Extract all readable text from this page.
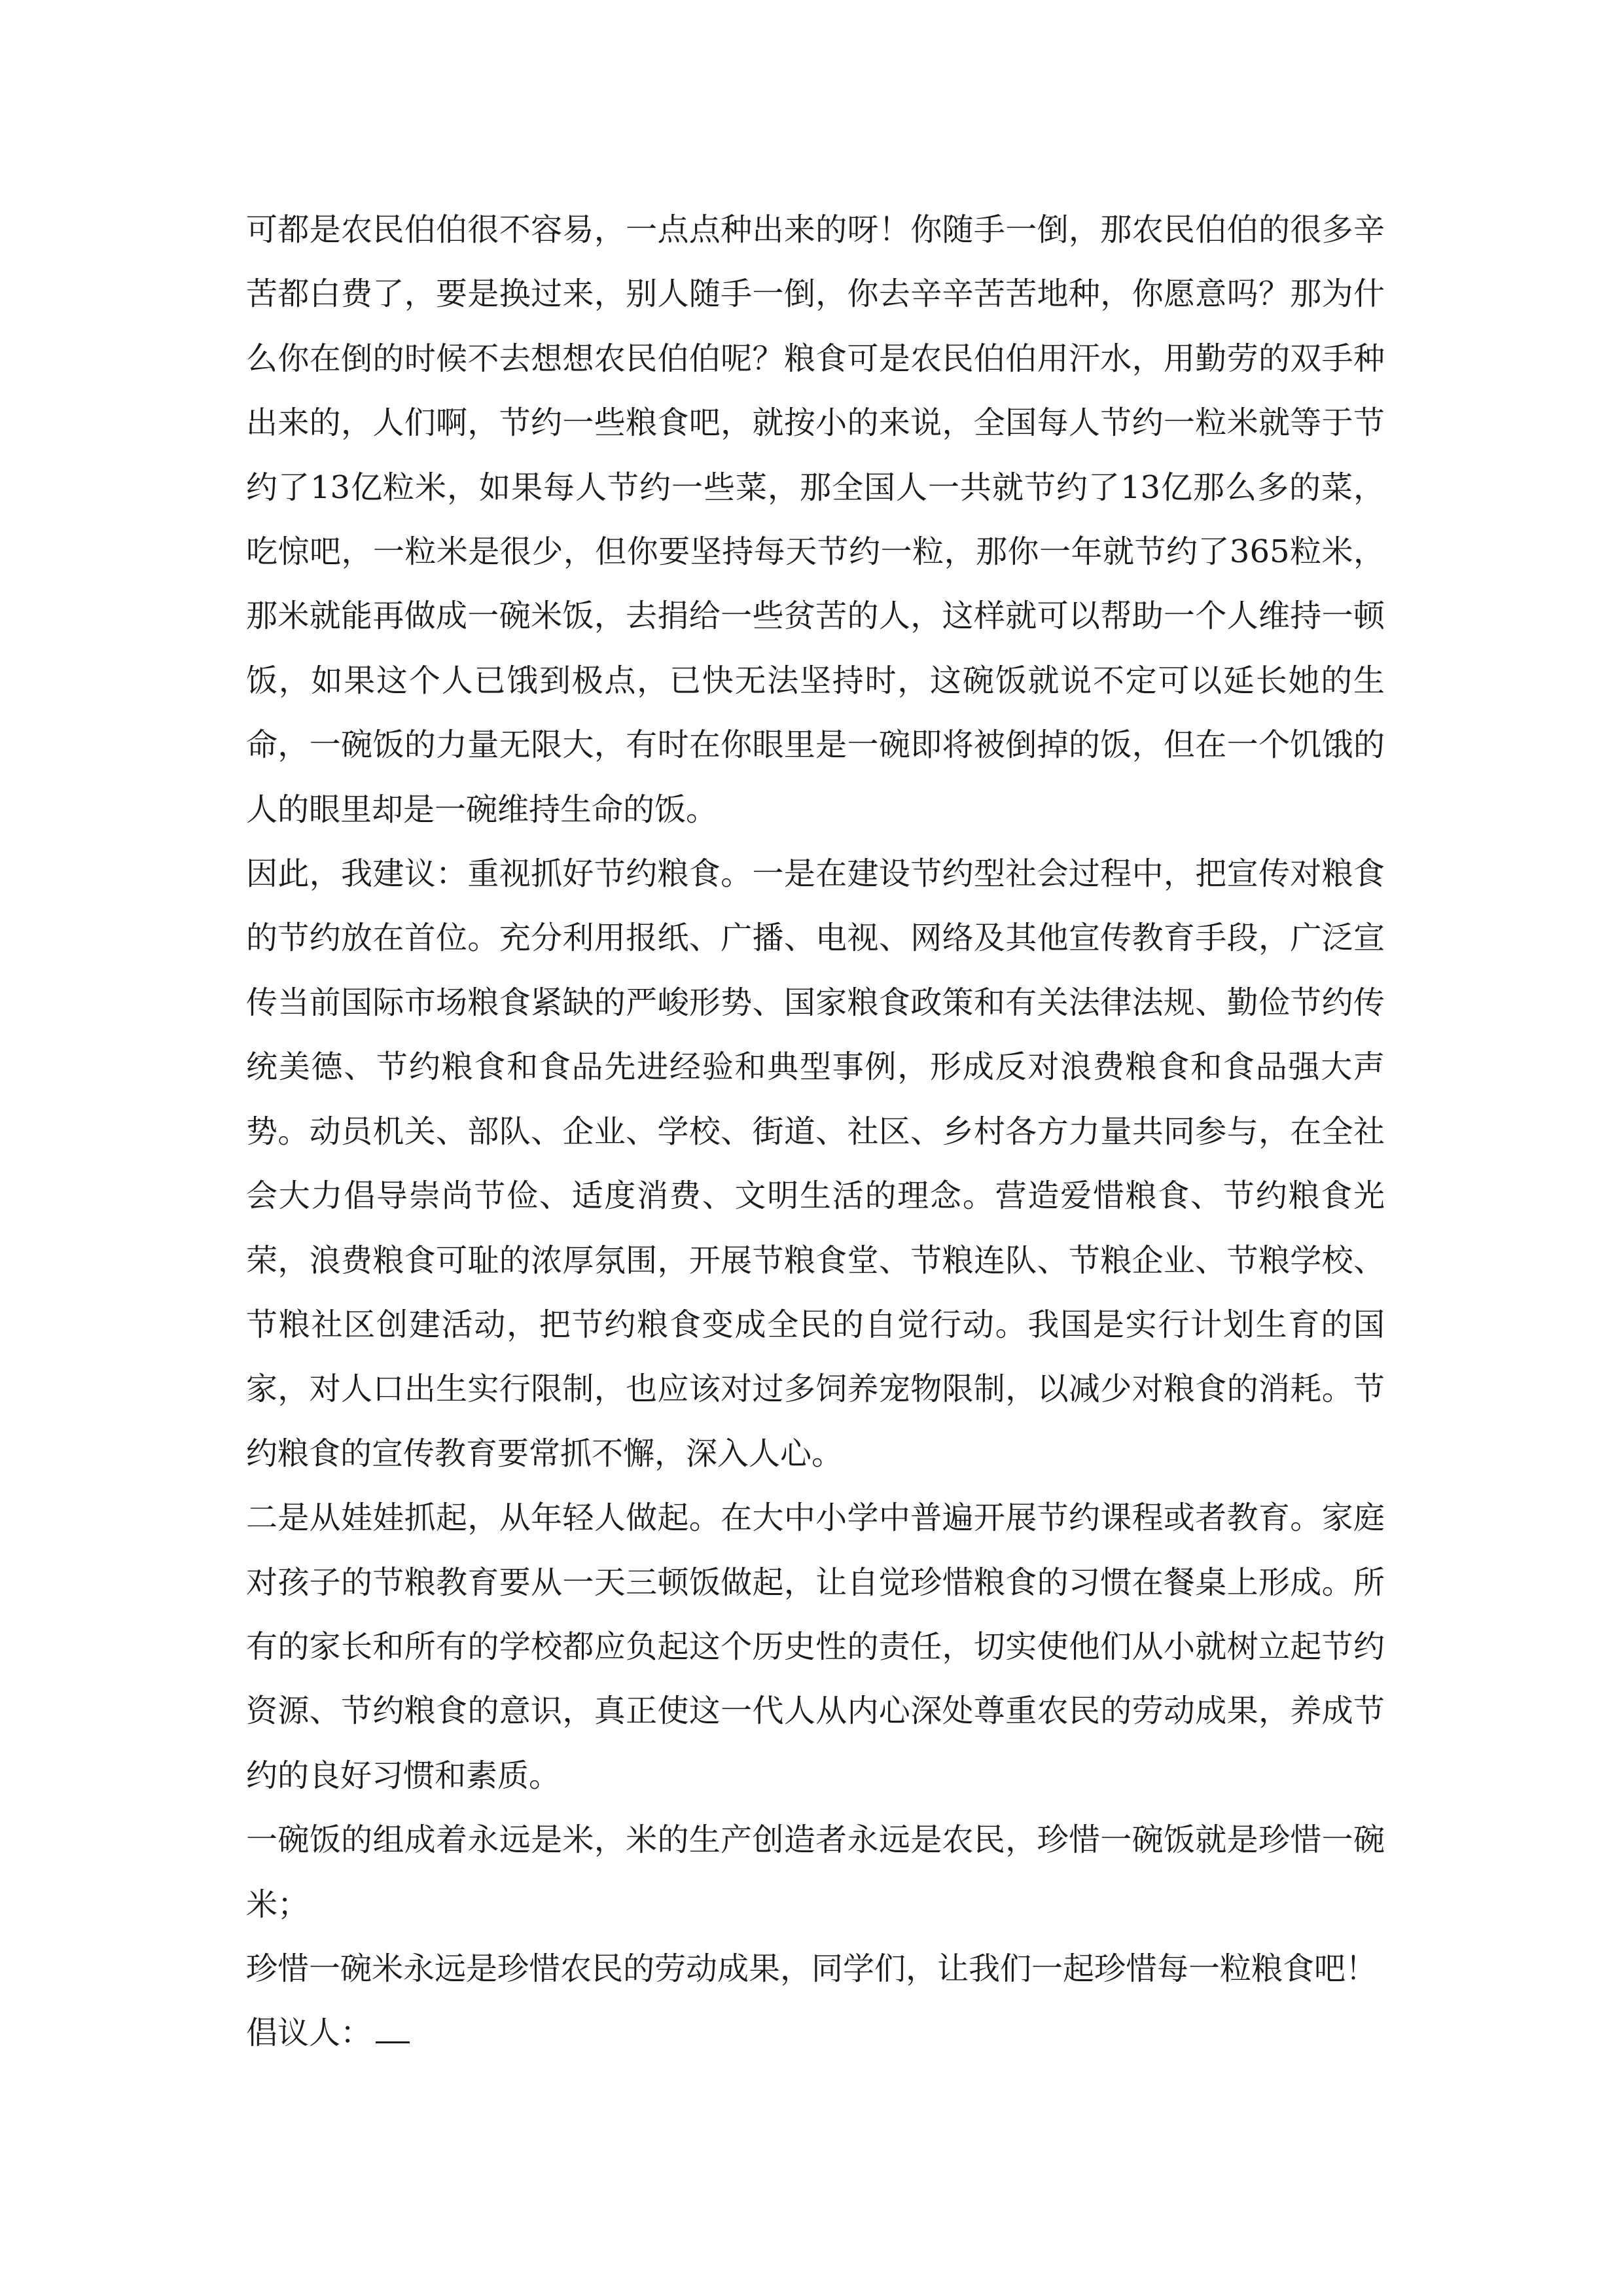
可都是农民伯伯很不容易，一点点种出来的呀！你随手一倒，那农民伯伯的很多辛苦都白费了，要是换过来，别人随手一倒，你去辛辛苦苦地种，你愿意吗？那为什么你在倒的时候不去想想农民伯伯呢？粮食可是农民伯伯用汗水，用勤劳的双手种出来的，人们啊，节约一些粮食吧，就按小的来说，全国每人节约一粒米就等于节约了13亿粒米，如果每人节约一些菜，那全国人一共就节约了13亿那么多的菜，吃惊吧，一粒米是很少，但你要坚持每天节约一粒，那你一年就节约了365粒米，那米就能再做成一碗米饭，去捐给一些贫苦的人，这样就可以帮助一个人维持一顿饭，如果这个人已饿到极点，已快无法坚持时，这碗饭就说不定可以延长她的生命，一碗饭的力量无限大，有时在你眼里是一碗即将被倒掉的饭，但在一个饥饿的人的眼里却是一碗维持生命的饭。

因此，我建议：重视抓好节约粮食。一是在建设节约型社会过程中，把宣传对粮食的节约放在首位。充分利用报纸、广播、电视、网络及其他宣传教育手段，广泛宣传当前国际市场粮食紧缺的严峻形势、国家粮食政策和有关法律法规、勤俭节约传统美德、节约粮食和食品先进经验和典型事例，形成反对浪费粮食和食品强大声势。动员机关、部队、企业、学校、街道、社区、乡村各方力量共同参与，在全社会大力倡导崇尚节俭、适度消费、文明生活的理念。营造爱惜粮食、节约粮食光荣，浪费粮食可耻的浓厚氛围，开展节粮食堂、节粮连队、节粮企业、节粮学校、节粮社区创建活动，把节约粮食变成全民的自觉行动。我国是实行计划生育的国家，对人口出生实行限制，也应该对过多饲养宠物限制，以减少对粮食的消耗。节约粮食的宣传教育要常抓不懈，深入人心。

二是从娃娃抓起，从年轻人做起。在大中小学中普遍开展节约课程或者教育。家庭对孩子的节粮教育要从一天三顿饭做起，让自觉珍惜粮食的习惯在餐桌上形成。所有的家长和所有的学校都应负起这个历史性的责任，切实使他们从小就树立起节约资源、节约粮食的意识，真正使这一代人从内心深处尊重农民的劳动成果，养成节约的良好习惯和素质。

一碗饭的组成着永远是米，米的生产创造者永远是农民，珍惜一碗饭就是珍惜一碗米；

珍惜一碗米永远是珍惜农民的劳动成果，同学们，让我们一起珍惜每一粒粮食吧！

倡议人：
